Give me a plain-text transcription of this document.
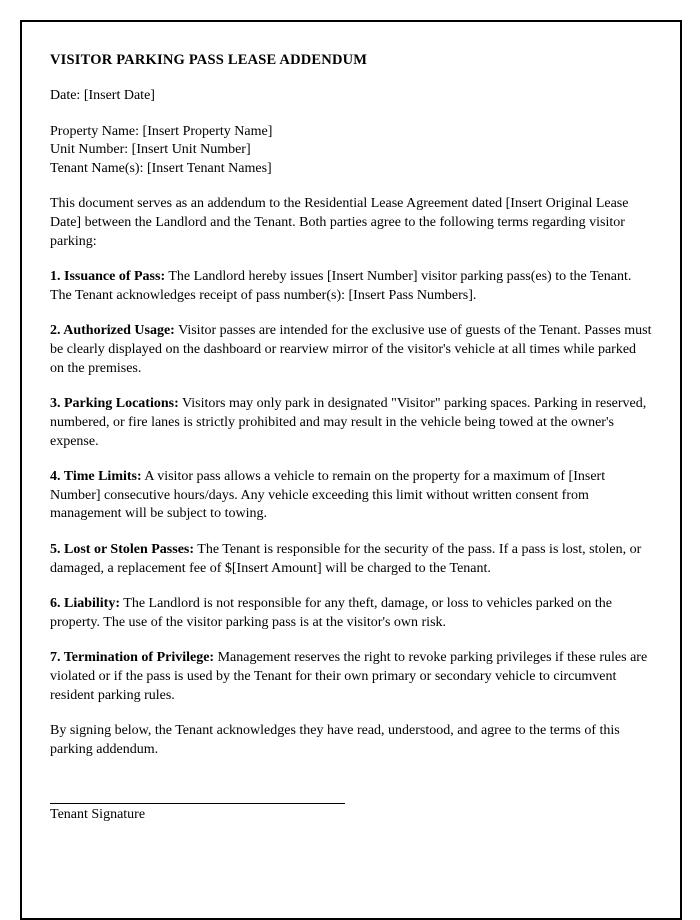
VISITOR PARKING PASS LEASE ADDENDUM

Date: [Insert Date]

Property Name: [Insert Property Name]

Unit Number: [Insert Unit Number]

Tenant Name(s): [Insert Tenant Names]

This document serves as an addendum to the Residential Lease Agreement dated [Insert Original Lease Date] between the Landlord and the Tenant. Both parties agree to the following terms regarding visitor parking:

1. Issuance of Pass: The Landlord hereby issues [Insert Number] visitor parking pass(es) to the Tenant. The Tenant acknowledges receipt of pass number(s): [Insert Pass Numbers].

2. Authorized Usage: Visitor passes are intended for the exclusive use of guests of the Tenant. Passes must be clearly displayed on the dashboard or rearview mirror of the visitor's vehicle at all times while parked on the premises.

3. Parking Locations: Visitors may only park in designated "Visitor" parking spaces. Parking in reserved, numbered, or fire lanes is strictly prohibited and may result in the vehicle being towed at the owner's expense.

4. Time Limits: A visitor pass allows a vehicle to remain on the property for a maximum of [Insert Number] consecutive hours/days. Any vehicle exceeding this limit without written consent from management will be subject to towing.

5. Lost or Stolen Passes: The Tenant is responsible for the security of the pass. If a pass is lost, stolen, or damaged, a replacement fee of $[Insert Amount] will be charged to the Tenant.

6. Liability: The Landlord is not responsible for any theft, damage, or loss to vehicles parked on the property. The use of the visitor parking pass is at the visitor's own risk.

7. Termination of Privilege: Management reserves the right to revoke parking privileges if these rules are violated or if the pass is used by the Tenant for their own primary or secondary vehicle to circumvent resident parking rules.

By signing below, the Tenant acknowledges they have read, understood, and agree to the terms of this parking addendum.

Tenant Signature
